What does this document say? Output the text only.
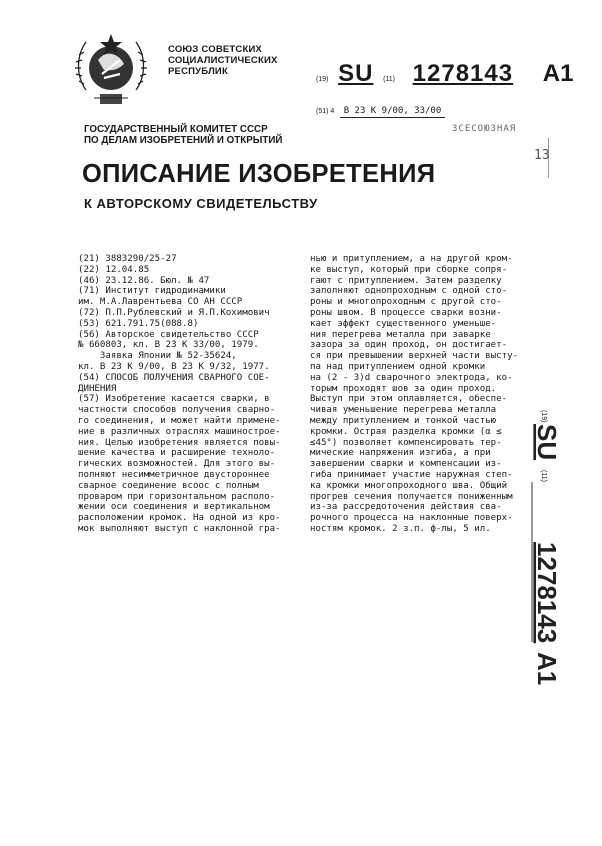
СОЮЗ СОВЕТСКИХ
СОЦИАЛИСТИЧЕСКИХ
РЕСПУБЛИК
(19) SU (11) 1278143 A1
(51) 4 В 23 К 9/00, 33/00
ЗСЕСОЮЗНАЯ
13
ГОСУДАРСТВЕННЫЙ КОМИТЕТ СССР
ПО ДЕЛАМ ИЗОБРЕТЕНИЙ И ОТКРЫТИЙ
ОПИСАНИЕ ИЗОБРЕТЕНИЯ
К АВТОРСКОМУ СВИДЕТЕЛЬСТВУ
(21) 3883290/25-27
(22) 12.04.85
(46) 23.12.86. Бюл. № 47
(71) Институт гидродинамики
им. М.А.Лаврентьева СО АН СССР
(72) П.П.Рублевский и Я.П.Кохимович
(53) 621.791.75(088.8)
(56) Авторское свидетельство СССР
№ 660803, кл. В 23 К 33/00, 1979.
Заявка Японии № 52-35624,
кл. В 23 К 9/00, В 23 К 9/32, 1977.
(54) СПОСОБ ПОЛУЧЕНИЯ СВАРНОГО СОЕ-
ДИНЕНИЯ
(57) Изобретение касается сварки, в
частности способов получения сварно-
го соединения, и может найти примене-
ние в различных отраслях машинострое-
ния. Целью изобретения является повы-
шение качества и расширение техноло-
гических возможностей. Для этого вы-
полняют несимметричное двустороннее
сварное соединение всоос с полным
проваром при горизонтальном располо-
жении оси соединения и вертикальном
расположении кромок. На одной из кро-
мок выполняют выступ с наклонной гра-
нью и притуплением, а на другой кром-
ке выступ, который при сборке сопря-
гают с притуплением. Затем разделку
заполняют однопроходным с одной сто-
роны и многопроходным с другой сто-
роны швом. В процессе сварки возни-
кает эффект существенного уменьше-
ния перегрева металла при заварке
зазора за один проход, он достигает-
ся при превышении верхней части высту-
па над притуплением одной кромки
на (2 - 3)d сварочного электрода, ко-
торым проходят шов за один проход.
Выступ при этом оплавляется, обеспе-
чивая уменьшение перегрева металла
между притуплением и тонкой частью
кромки. Острая разделка кромки (α ≤
≤45°) позволяет компенсировать тер-
мические напряжения изгиба, а при
завершении сварки и компенсации из-
гиба принимает участие наружная степ-
ка кромки многопроходного шва. Общий
прогрев сечения получается пониженным
из-за рассредоточения действия сва-
рочного процесса на наклонные поверх-
ностям кромок. 2 з.п. ф-лы, 5 ил.
(19)
SU
(11)
1278143
A1
